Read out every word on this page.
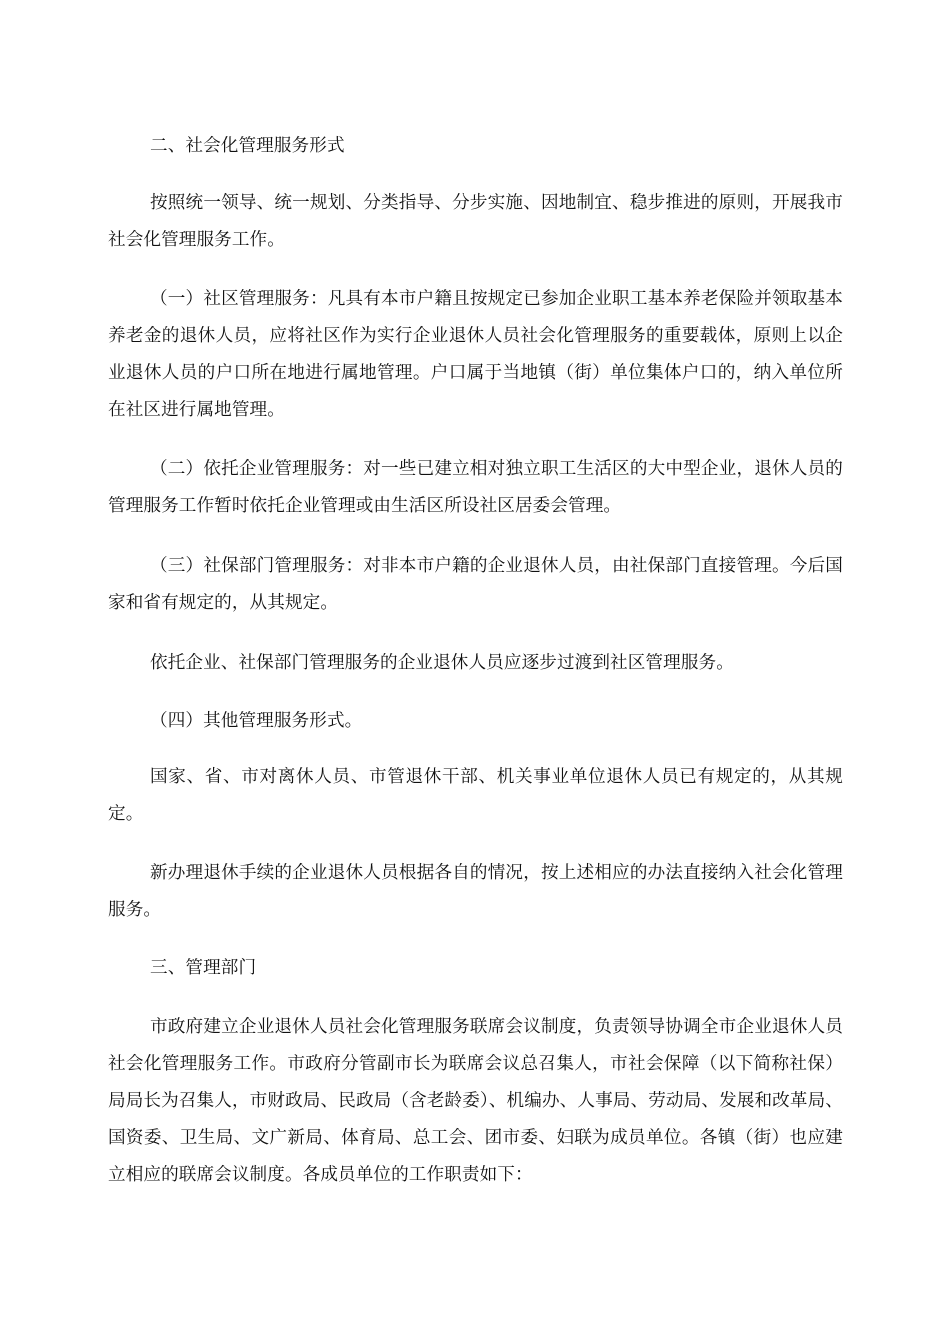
二、社会化管理服务形式

按照统一领导、统一规划、分类指导、分步实施、因地制宜、稳步推进的原则，开展我市社会化管理服务工作。

（一）社区管理服务：凡具有本市户籍且按规定已参加企业职工基本养老保险并领取基本养老金的退休人员，应将社区作为实行企业退休人员社会化管理服务的重要载体，原则上以企业退休人员的户口所在地进行属地管理。户口属于当地镇（街）单位集体户口的，纳入单位所在社区进行属地管理。

（二）依托企业管理服务：对一些已建立相对独立职工生活区的大中型企业，退休人员的管理服务工作暂时依托企业管理或由生活区所设社区居委会管理。

（三）社保部门管理服务：对非本市户籍的企业退休人员，由社保部门直接管理。今后国家和省有规定的，从其规定。

依托企业、社保部门管理服务的企业退休人员应逐步过渡到社区管理服务。

（四）其他管理服务形式。

国家、省、市对离休人员、市管退休干部、机关事业单位退休人员已有规定的，从其规定。

新办理退休手续的企业退休人员根据各自的情况，按上述相应的办法直接纳入社会化管理服务。

三、管理部门

市政府建立企业退休人员社会化管理服务联席会议制度，负责领导协调全市企业退休人员社会化管理服务工作。市政府分管副市长为联席会议总召集人，市社会保障（以下简称社保）局局长为召集人，市财政局、民政局（含老龄委）、机编办、人事局、劳动局、发展和改革局、国资委、卫生局、文广新局、体育局、总工会、团市委、妇联为成员单位。各镇（街）也应建立相应的联席会议制度。各成员单位的工作职责如下：
